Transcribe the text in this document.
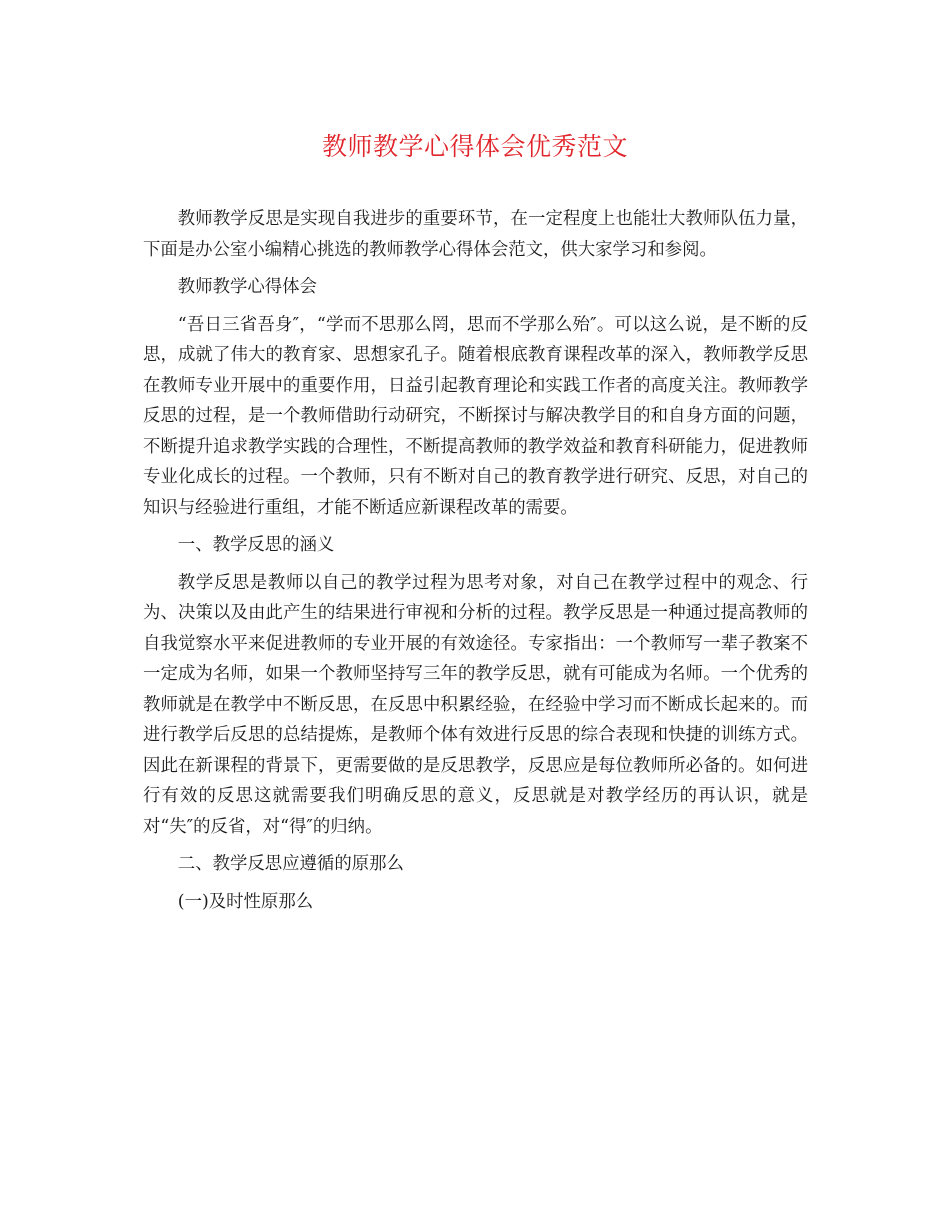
教师教学心得体会优秀范文

教师教学反思是实现自我进步的重要环节，在一定程度上也能壮大教师队伍力量，下面是办公室小编精心挑选的教师教学心得体会范文，供大家学习和参阅。

教师教学心得体会

“吾日三省吾身″，“学而不思那么罔，思而不学那么殆″。可以这么说，是不断的反思，成就了伟大的教育家、思想家孔子。随着根底教育课程改革的深入，教师教学反思在教师专业开展中的重要作用，日益引起教育理论和实践工作者的高度关注。教师教学反思的过程，是一个教师借助行动研究，不断探讨与解决教学目的和自身方面的问题，不断提升追求教学实践的合理性，不断提高教师的教学效益和教育科研能力，促进教师专业化成长的过程。一个教师，只有不断对自己的教育教学进行研究、反思，对自己的知识与经验进行重组，才能不断适应新课程改革的需要。

一、教学反思的涵义

教学反思是教师以自己的教学过程为思考对象，对自己在教学过程中的观念、行为、决策以及由此产生的结果进行审视和分析的过程。教学反思是一种通过提高教师的自我觉察水平来促进教师的专业开展的有效途径。专家指出：一个教师写一辈子教案不一定成为名师，如果一个教师坚持写三年的教学反思，就有可能成为名师。一个优秀的教师就是在教学中不断反思，在反思中积累经验，在经验中学习而不断成长起来的。而进行教学后反思的总结提炼，是教师个体有效进行反思的综合表现和快捷的训练方式。因此在新课程的背景下，更需要做的是反思教学，反思应是每位教师所必备的。如何进行有效的反思这就需要我们明确反思的意义，反思就是对教学经历的再认识，就是对“失″的反省，对“得″的归纳。

二、教学反思应遵循的原那么

(一)及时性原那么
